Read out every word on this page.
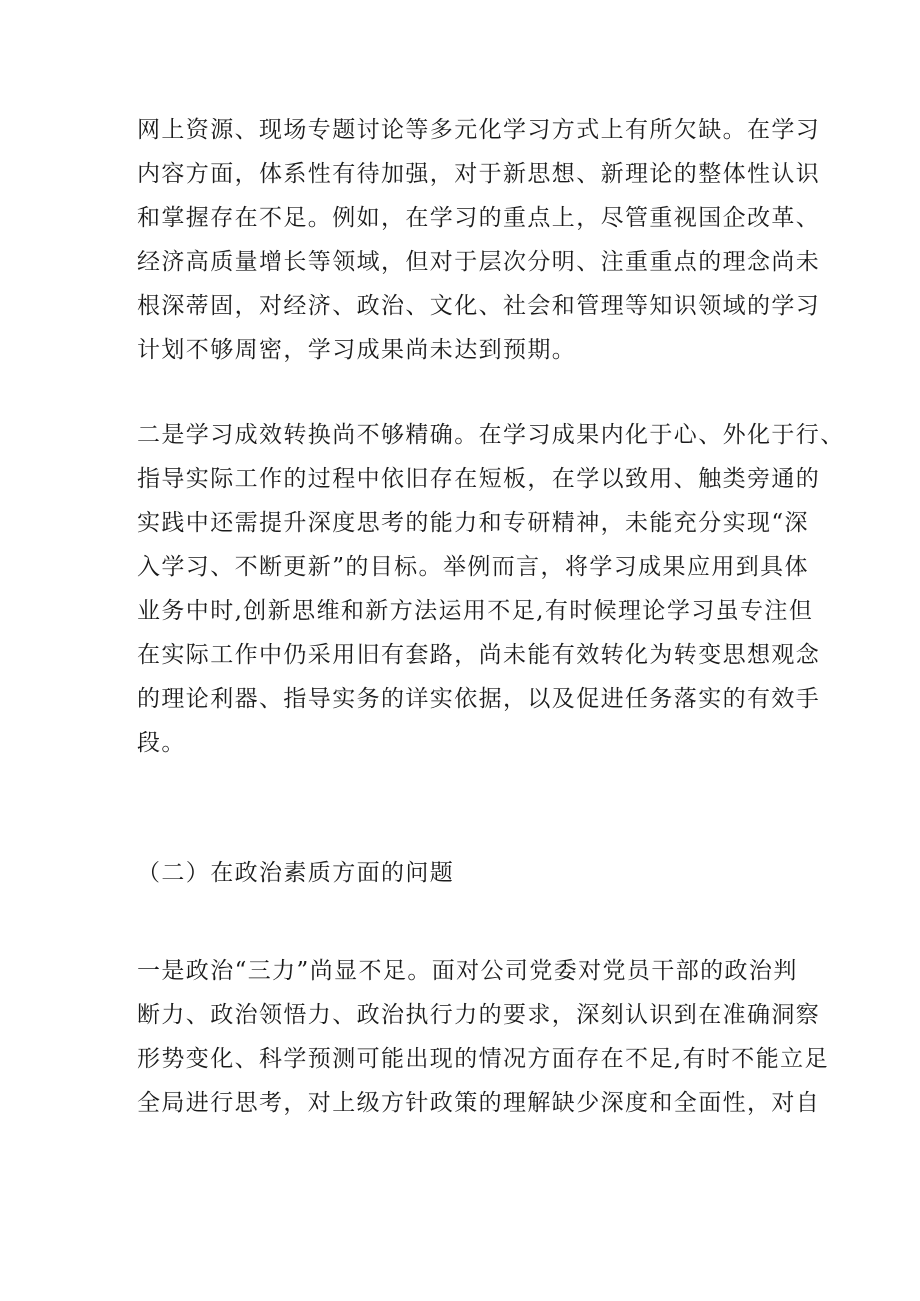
网上资源、现场专题讨论等多元化学习方式上有所欠缺。在学习
内容方面，体系性有待加强，对于新思想、新理论的整体性认识
和掌握存在不足。例如，在学习的重点上，尽管重视国企改革、
经济高质量增长等领域，但对于层次分明、注重重点的理念尚未
根深蒂固，对经济、政治、文化、社会和管理等知识领域的学习
计划不够周密，学习成果尚未达到预期。
二是学习成效转换尚不够精确。在学习成果内化于心、外化于行、
指导实际工作的过程中依旧存在短板，在学以致用、触类旁通的
实践中还需提升深度思考的能力和专研精神，未能充分实现“深
入学习、不断更新”的目标。举例而言，将学习成果应用到具体
业务中时,创新思维和新方法运用不足,有时候理论学习虽专注但
在实际工作中仍采用旧有套路，尚未能有效转化为转变思想观念
的理论利器、指导实务的详实依据，以及促进任务落实的有效手
段。
（二）在政治素质方面的问题
一是政治“三力”尚显不足。面对公司党委对党员干部的政治判
断力、政治领悟力、政治执行力的要求，深刻认识到在准确洞察
形势变化、科学预测可能出现的情况方面存在不足,有时不能立足
全局进行思考，对上级方针政策的理解缺少深度和全面性，对自
